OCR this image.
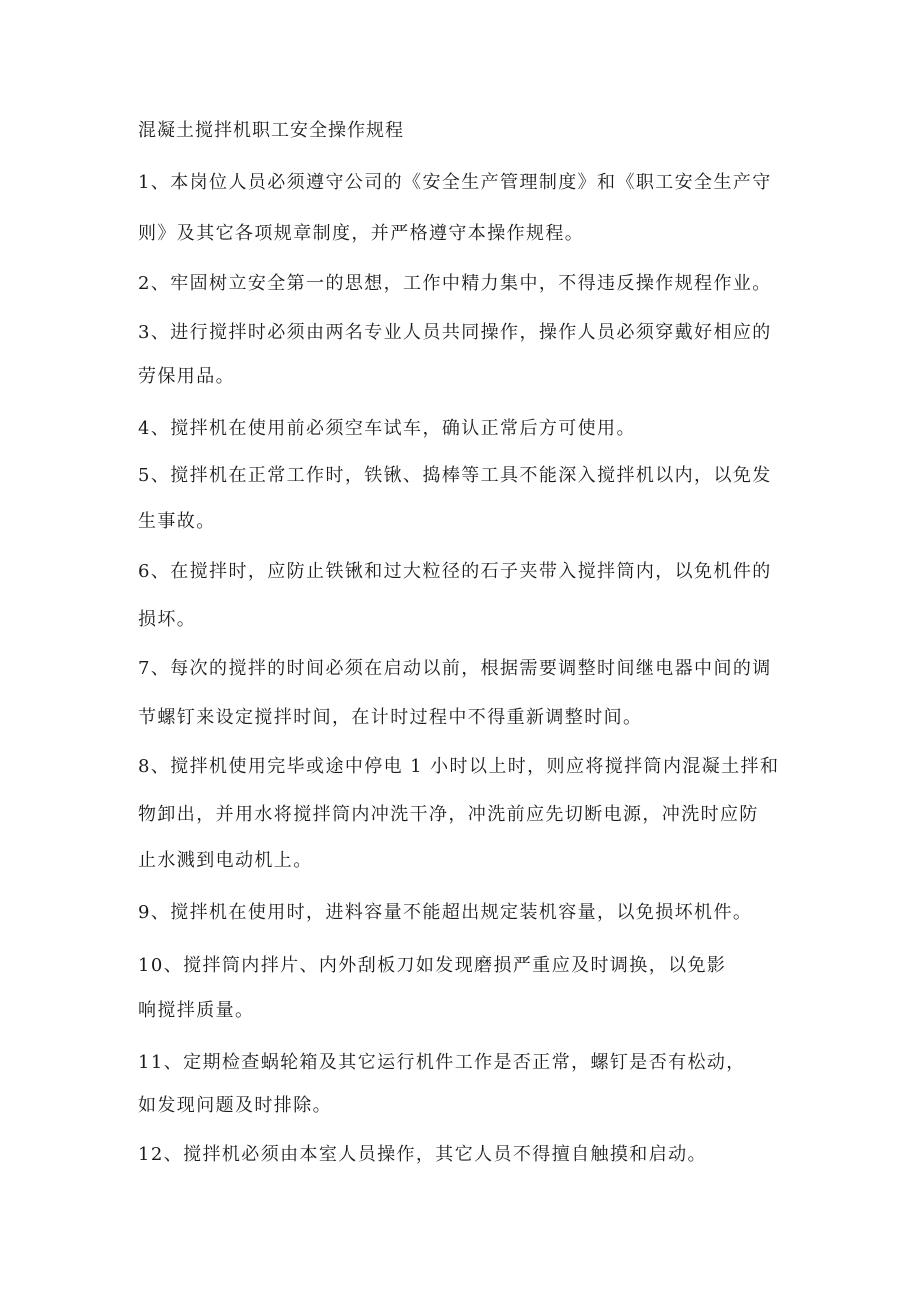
混凝土搅拌机职工安全操作规程
1、本岗位人员必须遵守公司的《安全生产管理制度》和《职工安全生产守
则》及其它各项规章制度，并严格遵守本操作规程。
2、牢固树立安全第一的思想，工作中精力集中，不得违反操作规程作业。
3、进行搅拌时必须由两名专业人员共同操作，操作人员必须穿戴好相应的
劳保用品。
4、搅拌机在使用前必须空车试车，确认正常后方可使用。
5、搅拌机在正常工作时，铁锹、捣棒等工具不能深入搅拌机以内，以免发
生事故。
6、在搅拌时，应防止铁锹和过大粒径的石子夹带入搅拌筒内，以免机件的
损坏。
7、每次的搅拌的时间必须在启动以前，根据需要调整时间继电器中间的调
节螺钉来设定搅拌时间，在计时过程中不得重新调整时间。
8、搅拌机使用完毕或途中停电 1 小时以上时，则应将搅拌筒内混凝土拌和
物卸出，并用水将搅拌筒内冲洗干净，冲洗前应先切断电源，冲洗时应防
止水溅到电动机上。
9、搅拌机在使用时，进料容量不能超出规定装机容量，以免损坏机件。
10、搅拌筒内拌片、内外刮板刀如发现磨损严重应及时调换，以免影
响搅拌质量。
11、定期检查蜗轮箱及其它运行机件工作是否正常，螺钉是否有松动，
如发现问题及时排除。
12、搅拌机必须由本室人员操作，其它人员不得擅自触摸和启动。
